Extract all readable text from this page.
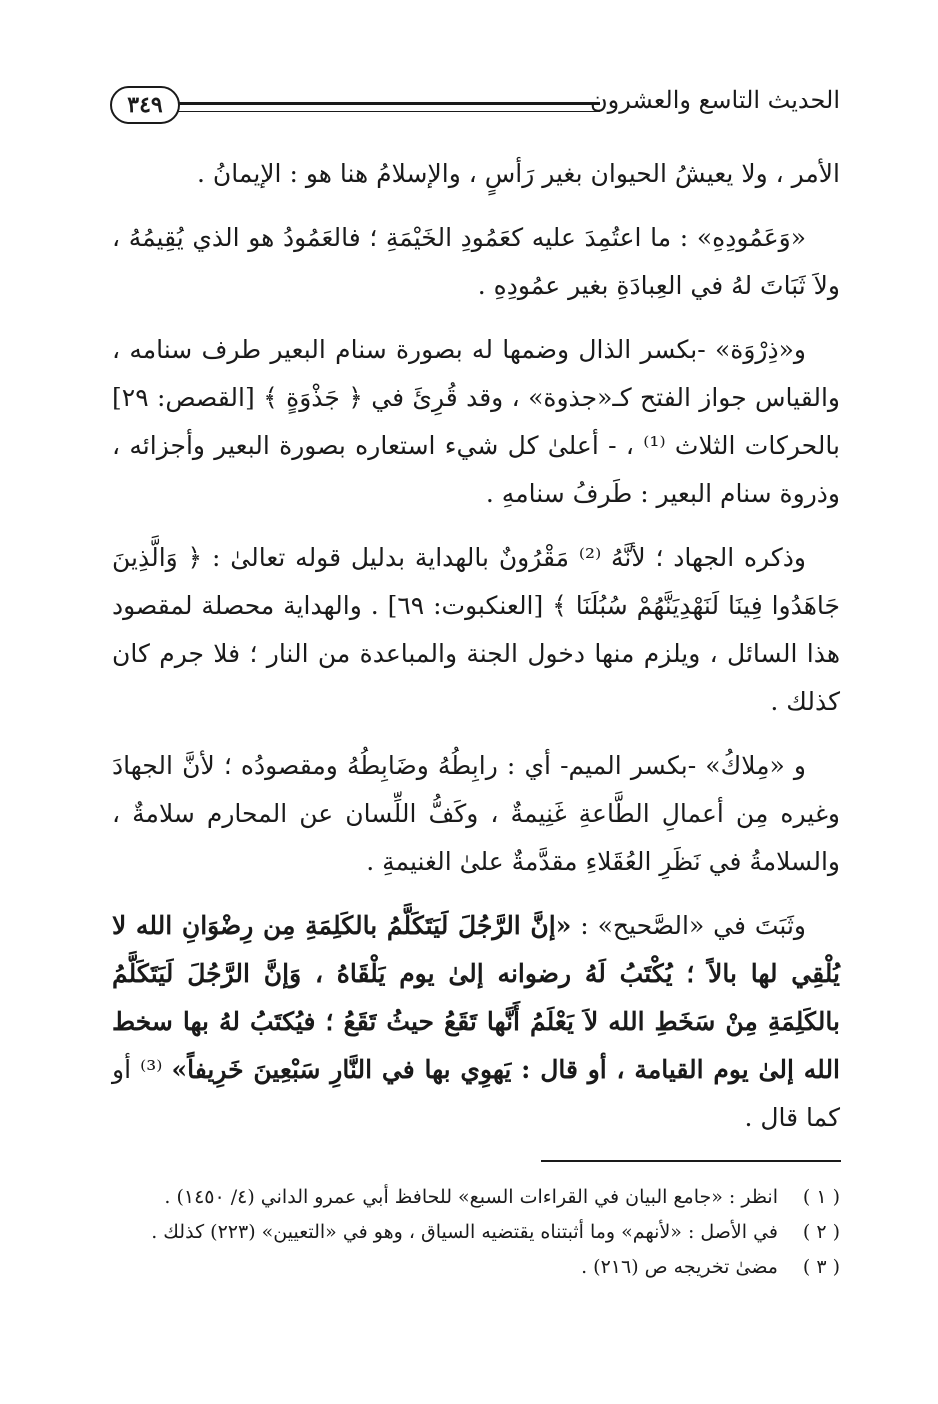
٣٤٩	الحديث التاسع والعشرون

الأمر ، ولا يعيشُ الحيوان بغير رَأسٍ ، والإسلامُ هنا هو : الإيمانُ .

«وَعَمُودِهِ» : ما اعتُمِدَ عليه كعَمُودِ الخَيْمَةِ ؛ فالعَمُودُ هو الذي يُقِيمُهُ ، ولاَ ثَبَاتَ لهُ في العِبادَةِ بغير عمُودِهِ .

و«ذِرْوَة» -بكسر الذال وضمها له بصورة سنام البعير طرف سنامه ، والقياس جواز الفتح كـ«جذوة» ، وقد قُرِئَ في ﴿ جَذْوَةٍ ﴾ [القصص: ٢٩] بالحركات الثلاث ⁽¹⁾ ، - أعلىٰ كل شيء استعاره بصورة البعير وأجزائه ، وذروة سنام البعير : طَرفُ سنامهِ .

وذكره الجهاد ؛ لأنَّهُ ⁽²⁾ مَقْرُونٌ بالهداية بدليل قوله تعالىٰ : ﴿ وَالَّذِينَ جَاهَدُوا فِينَا لَنَهْدِيَنَّهُمْ سُبُلَنَا ﴾ [العنكبوت: ٦٩] . والهداية محصلة لمقصود هذا السائل ، ويلزم منها دخول الجنة والمباعدة من النار ؛ فلا جرم كان كذلك .

و «مِلاكُ» -بكسر الميم- أي : رابِطُهُ وضَابِطُهُ ومقصودُه ؛ لأنَّ الجهادَ وغيره مِن أعمالِ الطَّاعةِ غَنِيمةٌ ، وكَفُّ اللِّسان عن المحارم سلامةٌ ، والسلامةُ في نَظَرِ العُقَلاءِ مقدَّمةٌ علىٰ الغنيمةِ .

وثَبَتَ في «الصَّحيح» : «إنَّ الرَّجُلَ لَيَتَكَلَّمُ بالكَلِمَةِ مِن رِضْوَانِ الله لا يُلْقِي لها بالاً ؛ يُكْتَبُ لَهُ رضوانه إلىٰ يوم يَلْقَاهُ ، وَإنَّ الرَّجُلَ لَيَتَكَلَّمُ بالكَلِمَةِ مِنْ سَخَطِ الله لاَ يَعْلَمُ أَنَّها تَقَعُ حيثُ تَقَعُ ؛ فيُكتَبُ لهُ بها سخط الله إلىٰ يوم القيامة ، أو قال : يَهوِي بها في النَّارِ سَبْعِينَ خَرِيفاً» ⁽³⁾ أو كما قال .

( ١ )
انظر : «جامع البيان في القراءات السبع» للحافظ أبي عمرو الداني (٤/ ١٤٥٠) .
( ٢ )
في الأصل : «لأنهم» وما أثبتناه يقتضيه السياق ، وهو في «التعيين» (٢٢٣) كذلك .
( ٣ )
مضىٰ تخريجه ص (٢١٦) .
